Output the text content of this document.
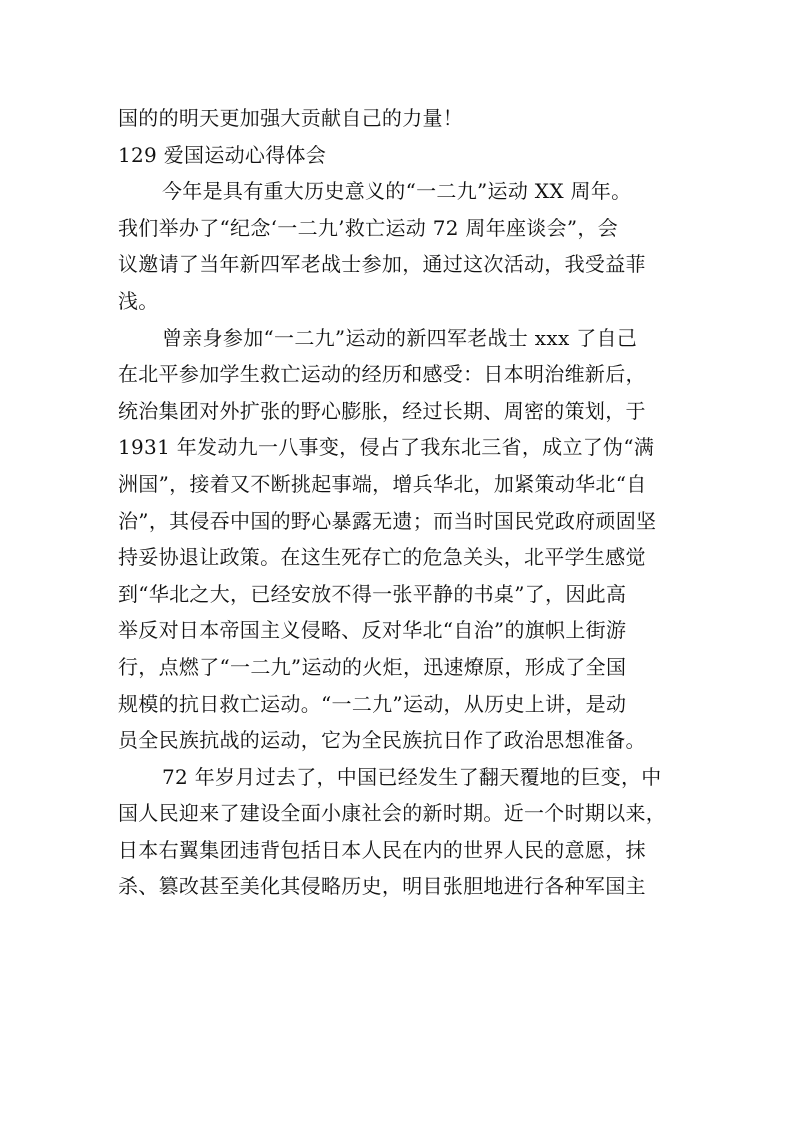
国的的明天更加强大贡献自己的力量！
129 爱国运动心得体会
今年是具有重大历史意义的“一二九”运动 XX 周年。
我们举办了“纪念‘一二九’救亡运动 72 周年座谈会”，会
议邀请了当年新四军老战士参加，通过这次活动，我受益菲
浅。
曾亲身参加“一二九”运动的新四军老战士 xxx 了自己
在北平参加学生救亡运动的经历和感受：日本明治维新后，
统治集团对外扩张的野心膨胀，经过长期、周密的策划，于
1931 年发动九一八事变，侵占了我东北三省，成立了伪“满
洲国”，接着又不断挑起事端，增兵华北，加紧策动华北“自
治”，其侵吞中国的野心暴露无遗；而当时国民党政府顽固坚
持妥协退让政策。在这生死存亡的危急关头，北平学生感觉
到“华北之大，已经安放不得一张平静的书桌”了，因此高
举反对日本帝国主义侵略、反对华北“自治”的旗帜上街游
行，点燃了“一二九”运动的火炬，迅速燎原，形成了全国
规模的抗日救亡运动。“一二九”运动，从历史上讲，是动
员全民族抗战的运动，它为全民族抗日作了政治思想准备。
72 年岁月过去了，中国已经发生了翻天覆地的巨变，中
国人民迎来了建设全面小康社会的新时期。近一个时期以来，
日本右翼集团违背包括日本人民在内的世界人民的意愿，抹
杀、篡改甚至美化其侵略历史，明目张胆地进行各种军国主
